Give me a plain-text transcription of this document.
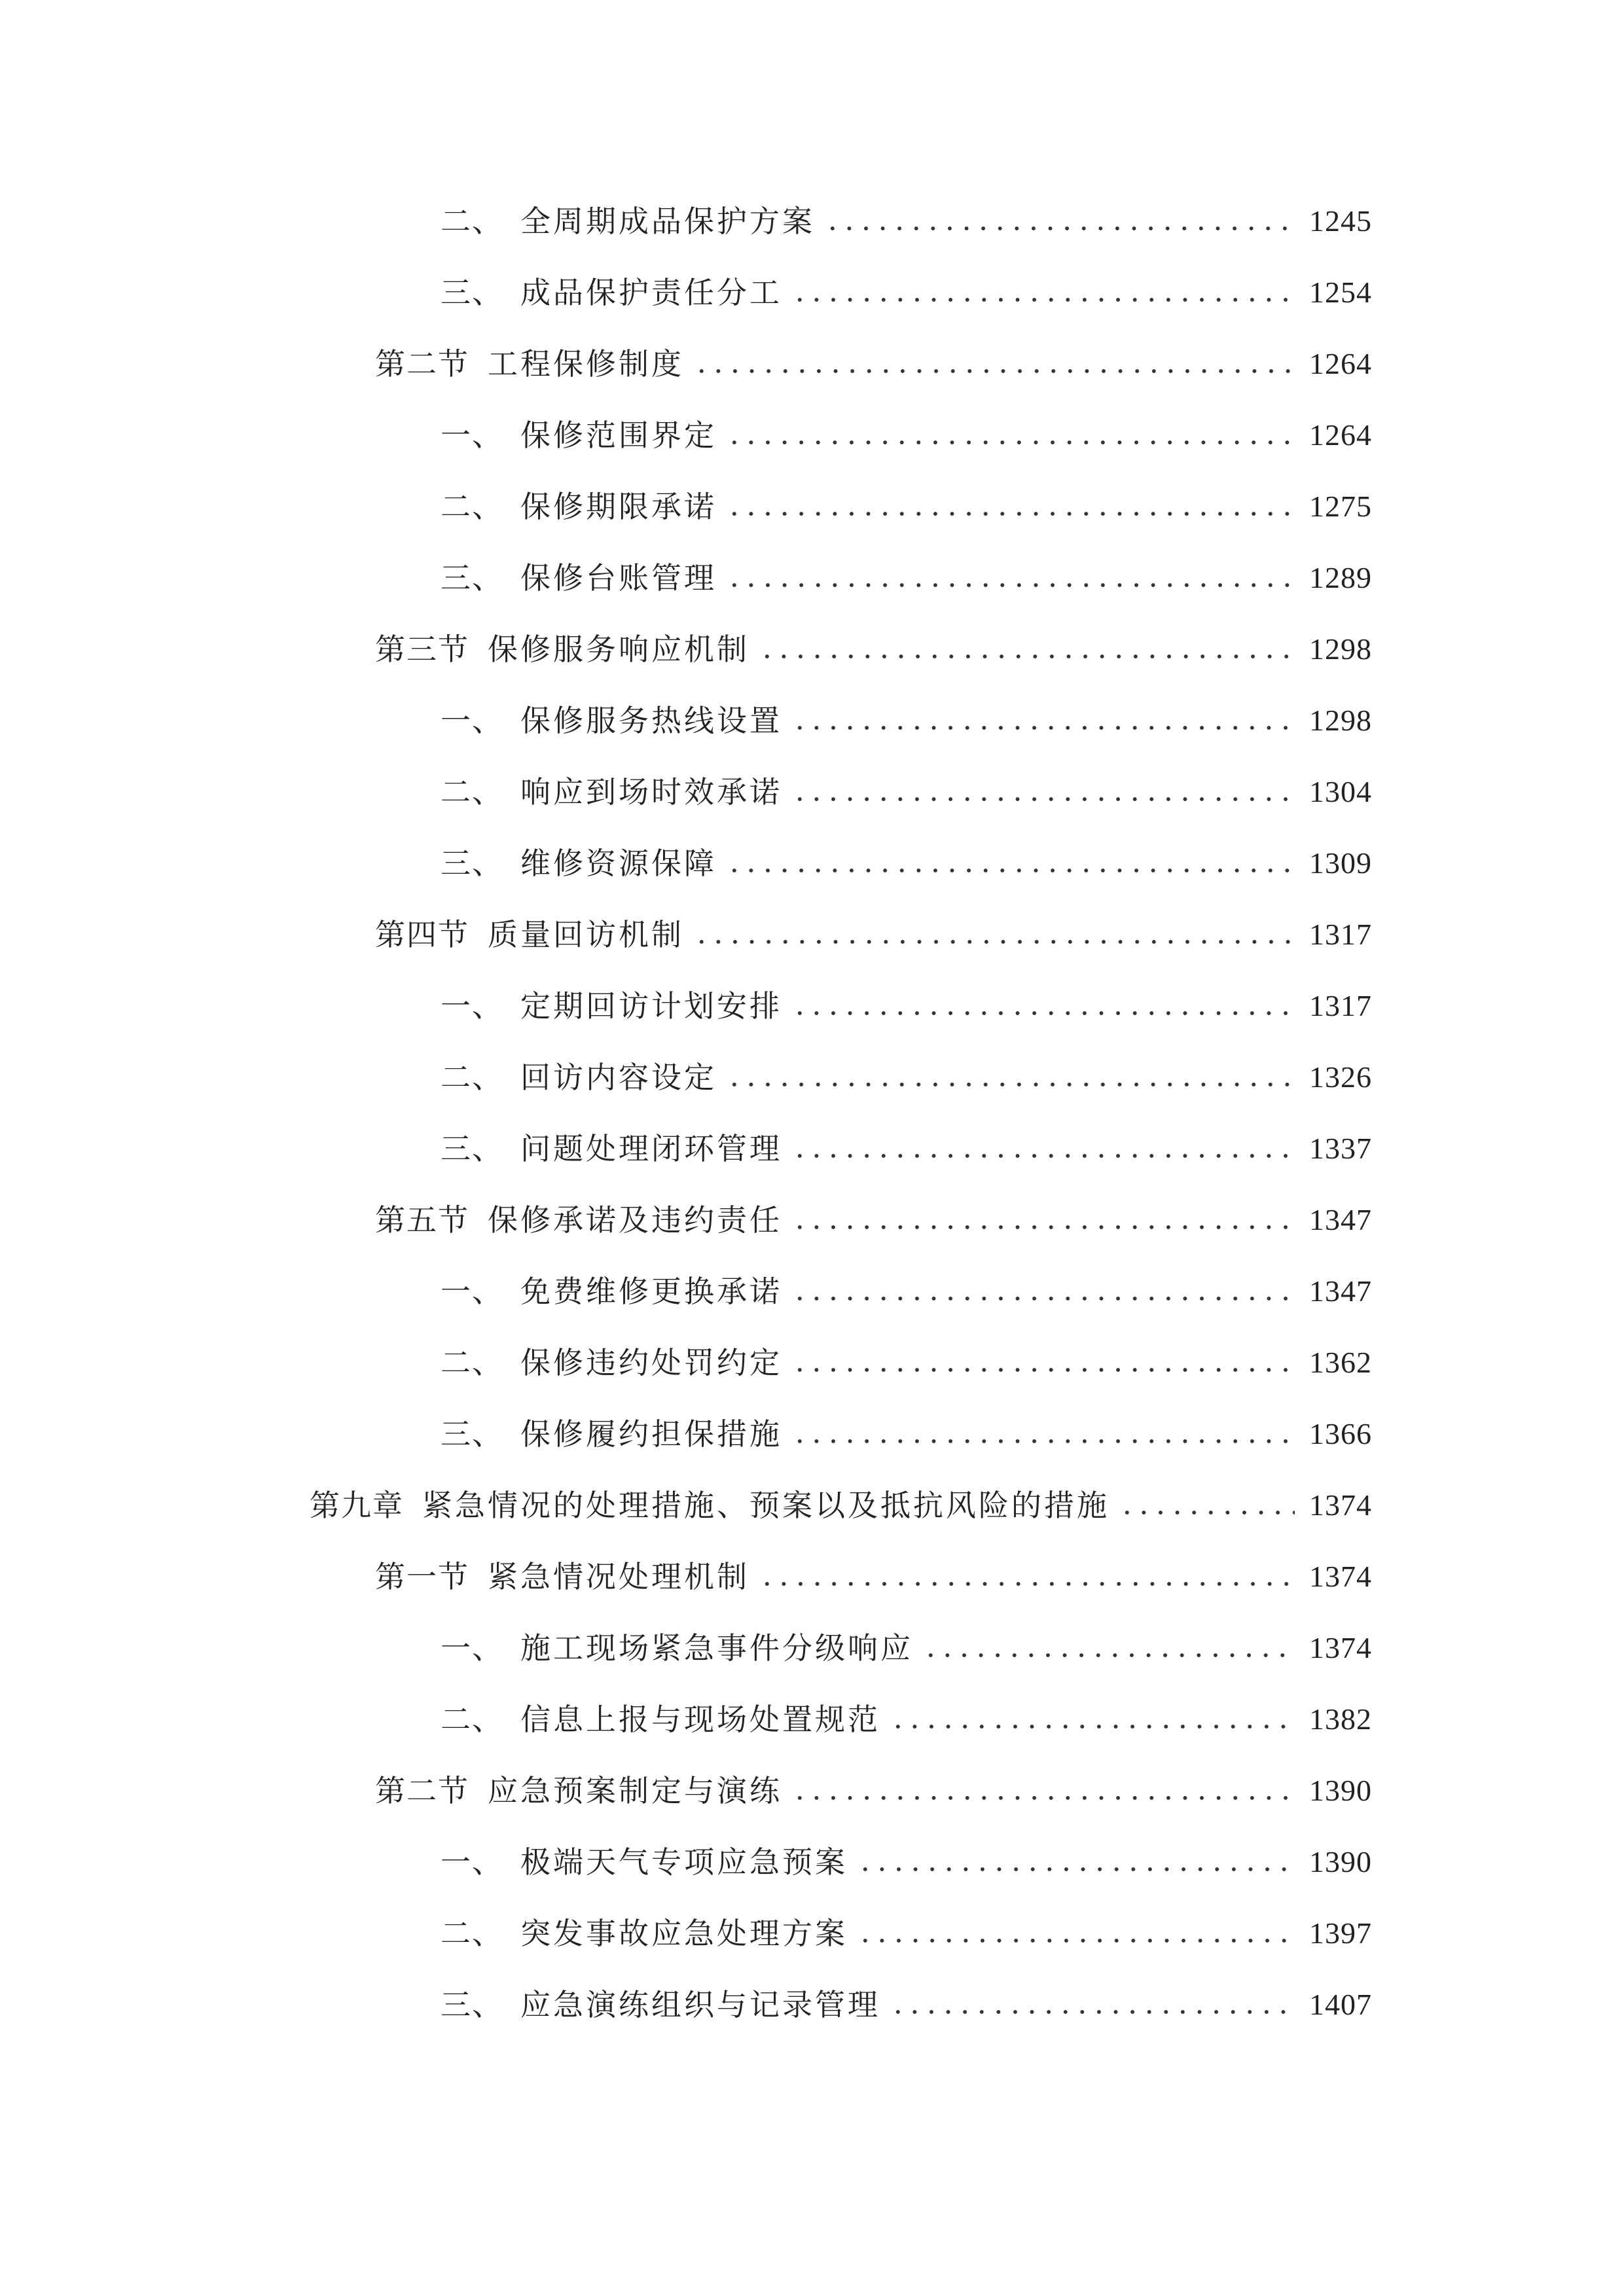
二、 全周期成品保护方案	1245
三、 成品保护责任分工	1254
第二节 工程保修制度	1264
一、 保修范围界定	1264
二、 保修期限承诺	1275
三、 保修台账管理	1289
第三节 保修服务响应机制	1298
一、 保修服务热线设置	1298
二、 响应到场时效承诺	1304
三、 维修资源保障	1309
第四节 质量回访机制	1317
一、 定期回访计划安排	1317
二、 回访内容设定	1326
三、 问题处理闭环管理	1337
第五节 保修承诺及违约责任	1347
一、 免费维修更换承诺	1347
二、 保修违约处罚约定	1362
三、 保修履约担保措施	1366
第九章 紧急情况的处理措施、预案以及抵抗风险的措施	1374
第一节 紧急情况处理机制	1374
一、 施工现场紧急事件分级响应	1374
二、 信息上报与现场处置规范	1382
第二节 应急预案制定与演练	1390
一、 极端天气专项应急预案	1390
二、 突发事故应急处理方案	1397
三、 应急演练组织与记录管理	1407
